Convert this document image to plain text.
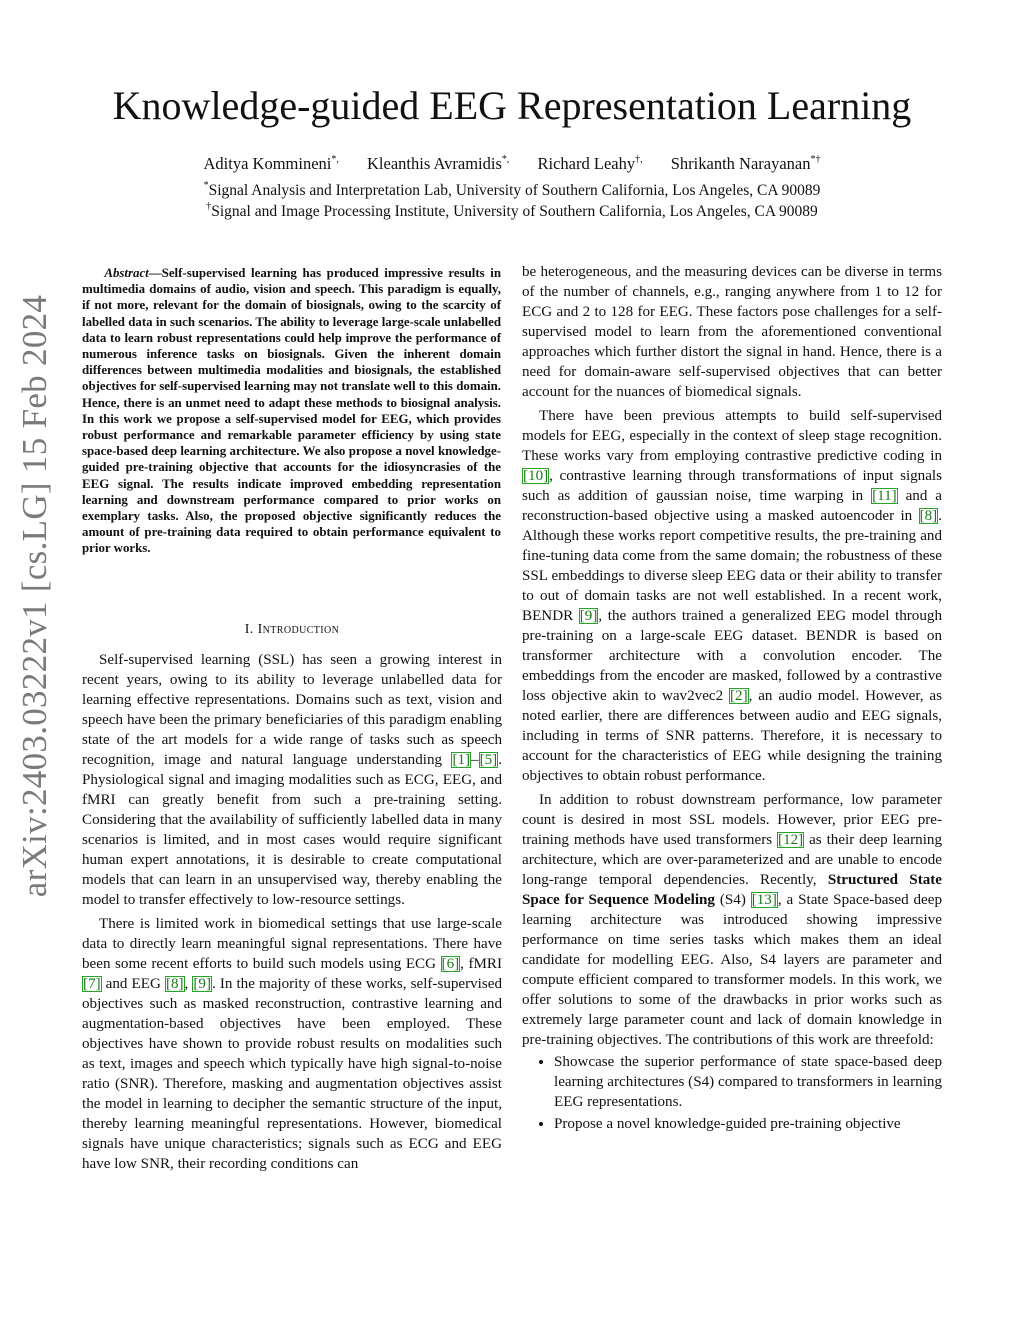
arXiv:2403.03222v1 [cs.LG] 15 Feb 2024
Knowledge-guided EEG Representation Learning
Aditya Kommineni*, Kleanthis Avramidis*, Richard Leahy†, Shrikanth Narayanan*†
*Signal Analysis and Interpretation Lab, University of Southern California, Los Angeles, CA 90089
†Signal and Image Processing Institute, University of Southern California, Los Angeles, CA 90089
Abstract—Self-supervised learning has produced impressive results in multimedia domains of audio, vision and speech. This paradigm is equally, if not more, relevant for the domain of biosignals, owing to the scarcity of labelled data in such scenarios. The ability to leverage large-scale unlabelled data to learn robust representations could help improve the performance of numerous inference tasks on biosignals. Given the inherent domain differences between multimedia modalities and biosignals, the established objectives for self-supervised learning may not translate well to this domain. Hence, there is an unmet need to adapt these methods to biosignal analysis. In this work we propose a self-supervised model for EEG, which provides robust performance and remarkable parameter efficiency by using state space-based deep learning architecture. We also propose a novel knowledge-guided pre-training objective that accounts for the idiosyncrasies of the EEG signal. The results indicate improved embedding representation learning and downstream performance compared to prior works on exemplary tasks. Also, the proposed objective significantly reduces the amount of pre-training data required to obtain performance equivalent to prior works.
I. Introduction

Self-supervised learning (SSL) has seen a growing interest in recent years, owing to its ability to leverage unlabelled data for learning effective representations. Domains such as text, vision and speech have been the primary beneficiaries of this paradigm enabling state of the art models for a wide range of tasks such as speech recognition, image and natural language understanding [1]–[5]. Physiological signal and imaging modalities such as ECG, EEG, and fMRI can greatly benefit from such a pre-training setting. Considering that the availability of sufficiently labelled data in many scenarios is limited, and in most cases would require significant human expert annotations, it is desirable to create computational models that can learn in an unsupervised way, thereby enabling the model to transfer effectively to low-resource settings.

There is limited work in biomedical settings that use large-scale data to directly learn meaningful signal representations. There have been some recent efforts to build such models using ECG [6], fMRI [7] and EEG [8], [9]. In the majority of these works, self-supervised objectives such as masked reconstruction, contrastive learning and augmentation-based objectives have been employed. These objectives have shown to provide robust results on modalities such as text, images and speech which typically have high signal-to-noise ratio (SNR). Therefore, masking and augmentation objectives assist the model in learning to decipher the semantic structure of the input, thereby learning meaningful representations. However, biomedical signals have unique characteristics; signals such as ECG and EEG have low SNR, their recording conditions can

be heterogeneous, and the measuring devices can be diverse in terms of the number of channels, e.g., ranging anywhere from 1 to 12 for ECG and 2 to 128 for EEG. These factors pose challenges for a self-supervised model to learn from the aforementioned conventional approaches which further distort the signal in hand. Hence, there is a need for domain-aware self-supervised objectives that can better account for the nuances of biomedical signals.

There have been previous attempts to build self-supervised models for EEG, especially in the context of sleep stage recognition. These works vary from employing contrastive predictive coding in [10], contrastive learning through transformations of input signals such as addition of gaussian noise, time warping in [11] and a reconstruction-based objective using a masked autoencoder in [8]. Although these works report competitive results, the pre-training and fine-tuning data come from the same domain; the robustness of these SSL embeddings to diverse sleep EEG data or their ability to transfer to out of domain tasks are not well established. In a recent work, BENDR [9], the authors trained a generalized EEG model through pre-training on a large-scale EEG dataset. BENDR is based on transformer architecture with a convolution encoder. The embeddings from the encoder are masked, followed by a contrastive loss objective akin to wav2vec2 [2], an audio model. However, as noted earlier, there are differences between audio and EEG signals, including in terms of SNR patterns. Therefore, it is necessary to account for the characteristics of EEG while designing the training objectives to obtain robust performance.

In addition to robust downstream performance, low parameter count is desired in most SSL models. However, prior EEG pre-training methods have used transformers [12] as their deep learning architecture, which are over-parameterized and are unable to encode long-range temporal dependencies. Recently, Structured State Space for Sequence Modeling (S4) [13], a State Space-based deep learning architecture was introduced showing impressive performance on time series tasks which makes them an ideal candidate for modelling EEG. Also, S4 layers are parameter and compute efficient compared to transformer models. In this work, we offer solutions to some of the drawbacks in prior works such as extremely large parameter count and lack of domain knowledge in pre-training objectives. The contributions of this work are threefold:

• Showcase the superior performance of state space-based deep learning architectures (S4) compared to transformers in learning EEG representations.
• Propose a novel knowledge-guided pre-training objective
